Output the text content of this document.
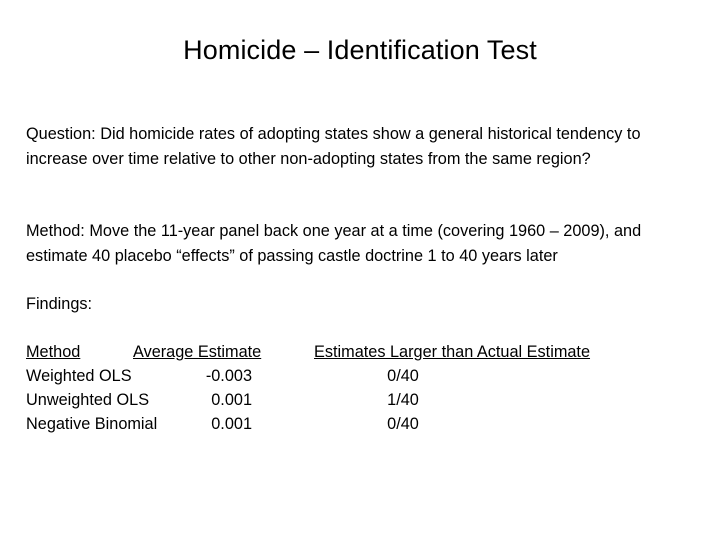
Homicide – Identification Test

Question: Did homicide rates of adopting states show a general historical tendency to increase over time relative to other non-adopting states from the same region?

Method: Move the 11-year panel back one year at a time (covering 1960 – 2009), and estimate 40 placebo “effects” of passing castle doctrine 1 to 40 years later

Findings:

Method	Average Estimate	Estimates Larger than Actual Estimate
Weighted OLS	-0.003	0/40
Unweighted OLS	0.001	1/40
Negative Binomial	0.001	0/40
